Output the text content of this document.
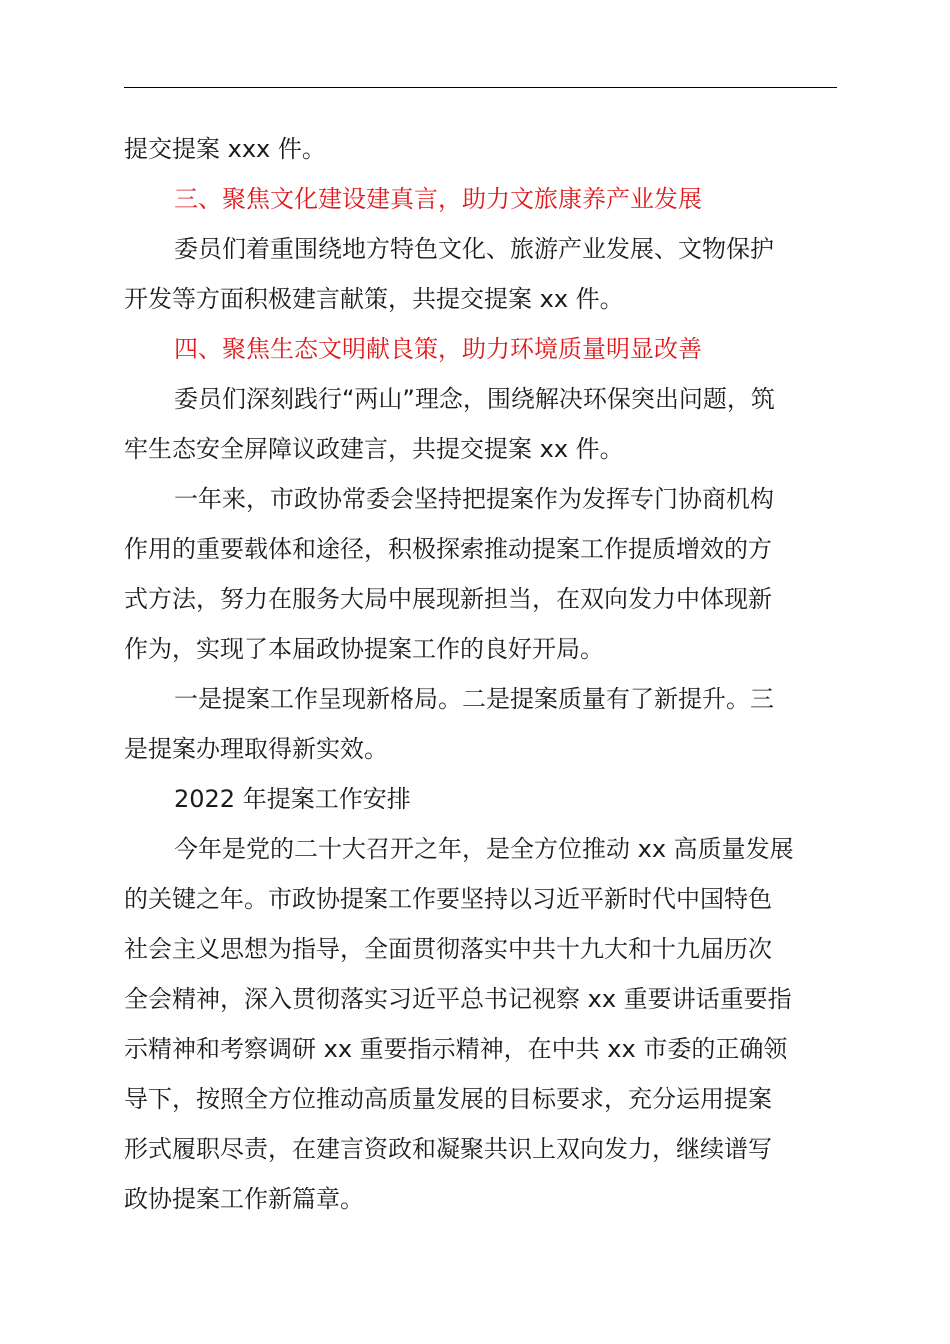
提交提案 xxx 件。
三、聚焦文化建设建真言，助力文旅康养产业发展
委员们着重围绕地方特色文化、旅游产业发展、文物保护
开发等方面积极建言献策，共提交提案 xx 件。
四、聚焦生态文明献良策，助力环境质量明显改善
委员们深刻践行“两山”理念，围绕解决环保突出问题，筑
牢生态安全屏障议政建言，共提交提案 xx 件。
一年来，市政协常委会坚持把提案作为发挥专门协商机构
作用的重要载体和途径，积极探索推动提案工作提质增效的方
式方法，努力在服务大局中展现新担当，在双向发力中体现新
作为，实现了本届政协提案工作的良好开局。
一是提案工作呈现新格局。二是提案质量有了新提升。三
是提案办理取得新实效。
2022 年提案工作安排
今年是党的二十大召开之年，是全方位推动 xx 高质量发展
的关键之年。市政协提案工作要坚持以习近平新时代中国特色
社会主义思想为指导，全面贯彻落实中共十九大和十九届历次
全会精神，深入贯彻落实习近平总书记视察 xx 重要讲话重要指
示精神和考察调研 xx 重要指示精神，在中共 xx 市委的正确领
导下，按照全方位推动高质量发展的目标要求，充分运用提案
形式履职尽责，在建言资政和凝聚共识上双向发力，继续谱写
政协提案工作新篇章。
